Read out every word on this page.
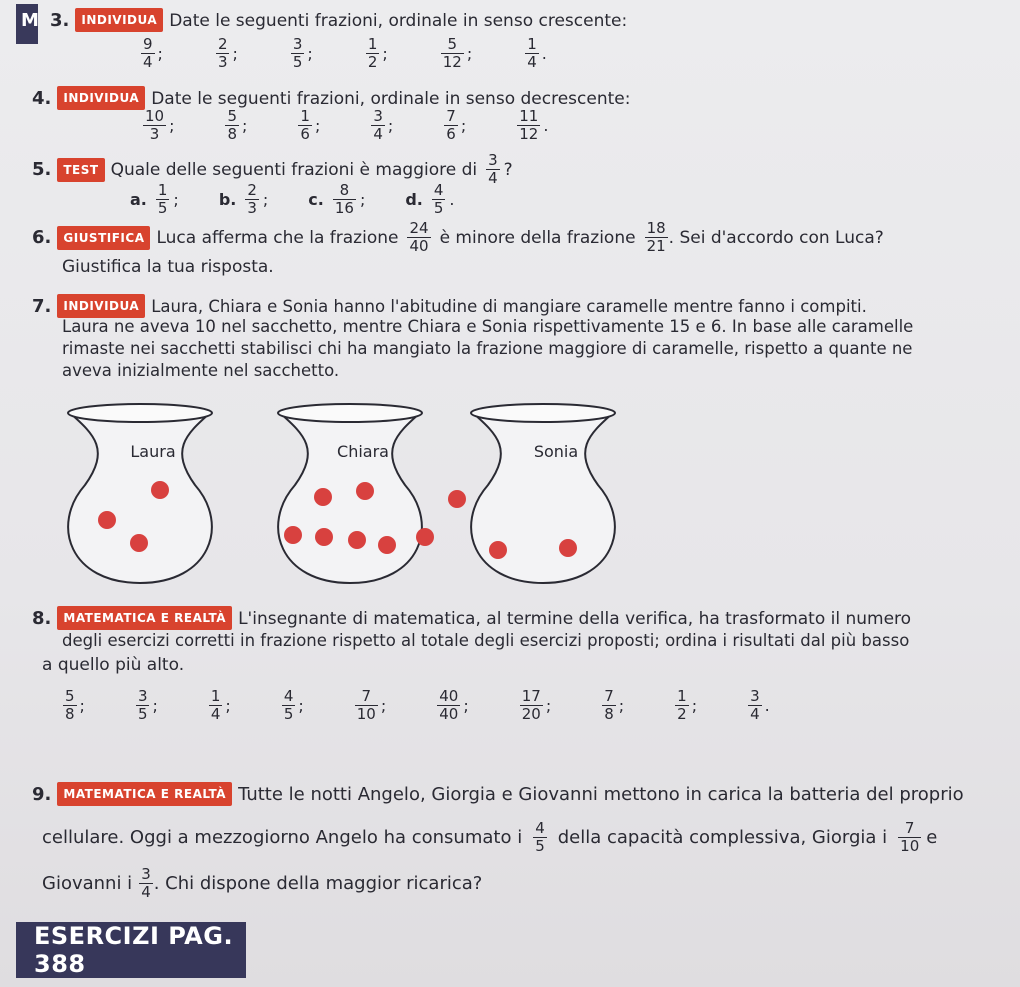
M 3. INDIVIDUA Date le seguenti frazioni, ordinale in senso crescente:
$\frac{9}{4}$ ;	$\frac{2}{3}$ ;	$\frac{3}{5}$ ;	$\frac{1}{2}$ ;	$\frac{5}{12}$ ;	$\frac{1}{4}$ .
4. INDIVIDUA Date le seguenti frazioni, ordinale in senso decrescente:
$\frac{10}{3}$ ;	$\frac{5}{8}$ ;	$\frac{1}{6}$ ;	$\frac{3}{4}$ ;	$\frac{7}{6}$ ;	$\frac{11}{12}$ .
5.	TEST Quale delle seguenti frazioni è maggiore di $\frac{3}{4}$ ?
a. $\frac{1}{5}$ ;	b. $\frac{2}{3}$ ;	c. $\frac{8}{16}$ ;	d. $\frac{4}{5}$ .
6.	GIUSTIFICA Luca afferma che la frazione $\frac{24}{40}$ è minore della frazione $\frac{18}{21}$ . Sei d'accordo con Luca?
Giustifica la tua risposta.
7. INDIVIDUA Laura, Chiara e Sonia hanno l'abitudine di mangiare caramelle mentre fanno i compiti.
Laura ne aveva 10 nel sacchetto, mentre Chiara e Sonia rispettivamente 15 e 6. In base alle caramelle
rimaste nei sacchetti stabilisci chi ha mangiato la frazione maggiore di caramelle, rispetto a quante ne
aveva inizialmente nel sacchetto.
Laura	Chiara	Sonia
8. MATEMATICA E REALTÀ L'insegnante di matematica, al termine della verifica, ha trasformato il numero
degli esercizi corretti in frazione rispetto al totale degli esercizi proposti; ordina i risultati dal più basso
a quello più alto.
$\frac{5}{8}$ ;	$\frac{3}{5}$ ;	$\frac{1}{4}$ ;	$\frac{4}{5}$ ;	$\frac{7}{10}$ ;	$\frac{40}{40}$ ;	$\frac{17}{20}$ ;	$\frac{7}{8}$ ;	$\frac{1}{2}$ ;	$\frac{3}{4}$ .
9. MATEMATICA E REALTÀ Tutte le notti Angelo, Giorgia e Giovanni mettono in carica la batteria del proprio
cellulare. Oggi a mezzogiorno Angelo ha consumato i $\frac{4}{5}$ della capacità complessiva, Giorgia i $\frac{7}{10}$ e
Giovanni i $\frac{3}{4}$ . Chi dispone della maggior ricarica?
ESERCIZI PAG. 388
